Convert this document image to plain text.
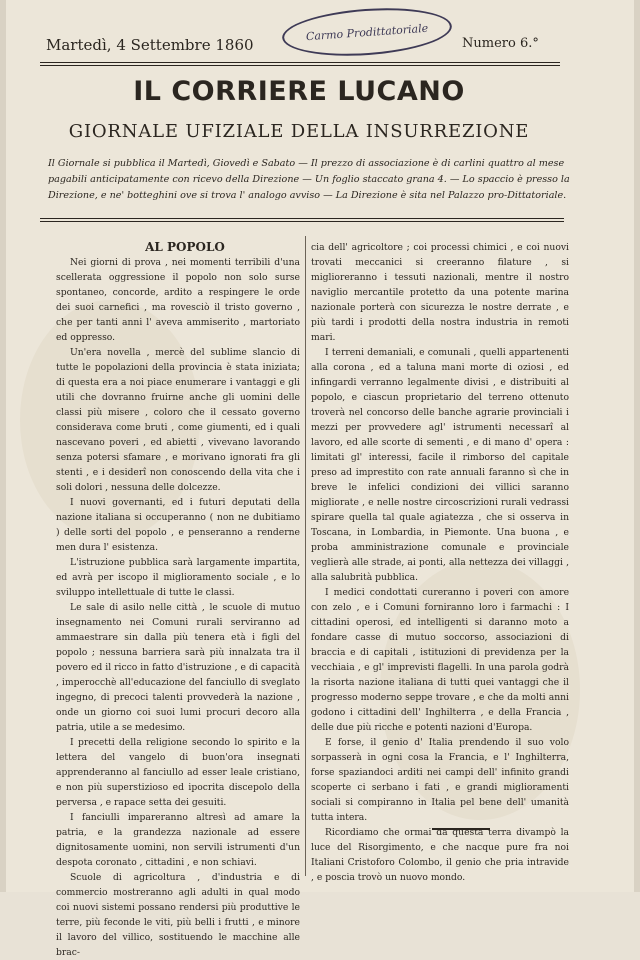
Martedì, 4 Settembre 1860
Carmo Prodittatoriale
Numero 6.°
IL CORRIERE LUCANO
GIORNALE UFIZIALE DELLA INSURREZIONE
Il Giornale si pubblica il Martedì, Giovedì e Sabato — Il prezzo di associazione è di carlini quattro al mese pagabili anticipatamente con ricevo della Direzione — Un foglio staccato grana 4. — Lo spaccio è presso la Direzione, e ne' botteghini ove si trova l' analogo avviso — La Direzione è sita nel Palazzo pro-Dittatoriale.

AL POPOLO

Nei giorni di prova , nei momenti terribili d'una scellerata oggressione il popolo non solo surse spontaneo, concorde, ardito a respingere le orde dei suoi carnefici , ma rovesciò il tristo governo , che per tanti anni l' aveva ammiserito , martoriato ed oppresso.

Un'era novella , mercè del sublime slancio di tutte le popolazioni della provincia è stata iniziata; di questa era a noi piace enumerare i vantaggi e gli utili che dovranno fruirne anche gli uomini delle classi più misere , coloro che il cessato governo considerava come bruti , come giumenti, ed i quali nascevano poveri , ed abietti , vivevano lavorando senza potersi sfamare , e morivano ignorati fra gli stenti , e i desiderî non conoscendo della vita che i soli dolori , nessuna delle dolcezze.

I nuovi governanti, ed i futuri deputati della nazione italiana si occuperanno ( non ne dubitiamo ) delle sorti del popolo , e penseranno a renderne men dura l' esistenza.

L'istruzione pubblica sarà largamente impartita, ed avrà per iscopo il miglioramento sociale , e lo sviluppo intellettuale di tutte le classi.

Le sale di asilo nelle città , le scuole di mutuo insegnamento nei Comuni rurali serviranno ad ammaestrare sin dalla più tenera età i figli del popolo ; nessuna barriera sarà più innalzata tra il povero ed il ricco in fatto d'istruzione , e di capacità , imperocchè all'educazione del fanciullo di sveglato ingegno, di precoci talenti provvederà la nazione , onde un giorno coi suoi lumi procuri decoro alla patria, utile a se medesimo.

I precetti della religione secondo lo spirito e la lettera del vangelo di buon'ora insegnati apprenderanno al fanciullo ad esser leale cristiano, e non più superstizioso ed ipocrita discepolo della perversa , e rapace setta dei gesuiti.

I fanciulli impareranno altresì ad amare la patria, e la grandezza nazionale ad essere dignitosamente uomini, non servili istrumenti d'un despota coronato , cittadini , e non schiavi.

Scuole di agricoltura , d'industria e di commercio mostreranno agli adulti in qual modo coi nuovi sistemi possano rendersi più produttive le terre, più feconde le viti, più belli i frutti , e minore il lavoro del villico, sostituendo le macchine alle brac-

cia dell' agricoltore ; coi processi chimici , e coi nuovi trovati meccanici si creeranno filature , si miglioreranno i tessuti nazionali, mentre il nostro naviglio mercantile protetto da una potente marina nazionale porterà con sicurezza le nostre derrate , e più tardi i prodotti della nostra industria in remoti mari.

I terreni demaniali, e comunali , quelli appartenenti alla corona , ed a taluna mani morte di oziosi , ed infingardi verranno legalmente divisi , e distribuiti al popolo, e ciascun proprietario del terreno ottenuto troverà nel concorso delle banche agrarie provinciali i mezzi per provvedere agl' istrumenti necessarî al lavoro, ed alle scorte di sementi , e di mano d' opera : limitati gl' interessi, facile il rimborso del capitale preso ad imprestito con rate annuali faranno sì che in breve le infelici condizioni dei villici saranno migliorate , e nelle nostre circoscrizioni rurali vedrassi spirare quella tal quale agiatezza , che si osserva in Toscana, in Lombardia, in Piemonte. Una buona , e proba amministrazione comunale e provinciale veglierà alle strade, ai ponti, alla nettezza dei villaggi , alla salubrità pubblica.

I medici condottati cureranno i poveri con amore con zelo , e i Comuni forniranno loro i farmachi : I cittadini operosi, ed intelligenti si daranno moto a fondare casse di mutuo soccorso, associazioni di braccia e di capitali , istituzioni di previdenza per la vecchiaia , e gl' imprevisti flagelli. In una parola godrà la risorta nazione italiana di tutti quei vantaggi che il progresso moderno seppe trovare , e che da molti anni godono i cittadini dell' Inghilterra , e della Francia , delle due più ricche e potenti nazioni d'Europa.

E forse, il genio d' Italia prendendo il suo volo sorpasserà in ogni cosa la Francia, e l' Inghilterra, forse spaziandoci arditi nei campi dell' infinito grandi scoperte ci serbano i fati , e grandi miglioramenti sociali si compiranno in Italia pel bene dell' umanità tutta intera.

Ricordiamo che ormai da questa terra divampò la luce del Risorgimento, e che nacque pure fra noi Italiani Cristoforo Colombo, il genio che pria intravide , e poscia trovò un nuovo mondo.
